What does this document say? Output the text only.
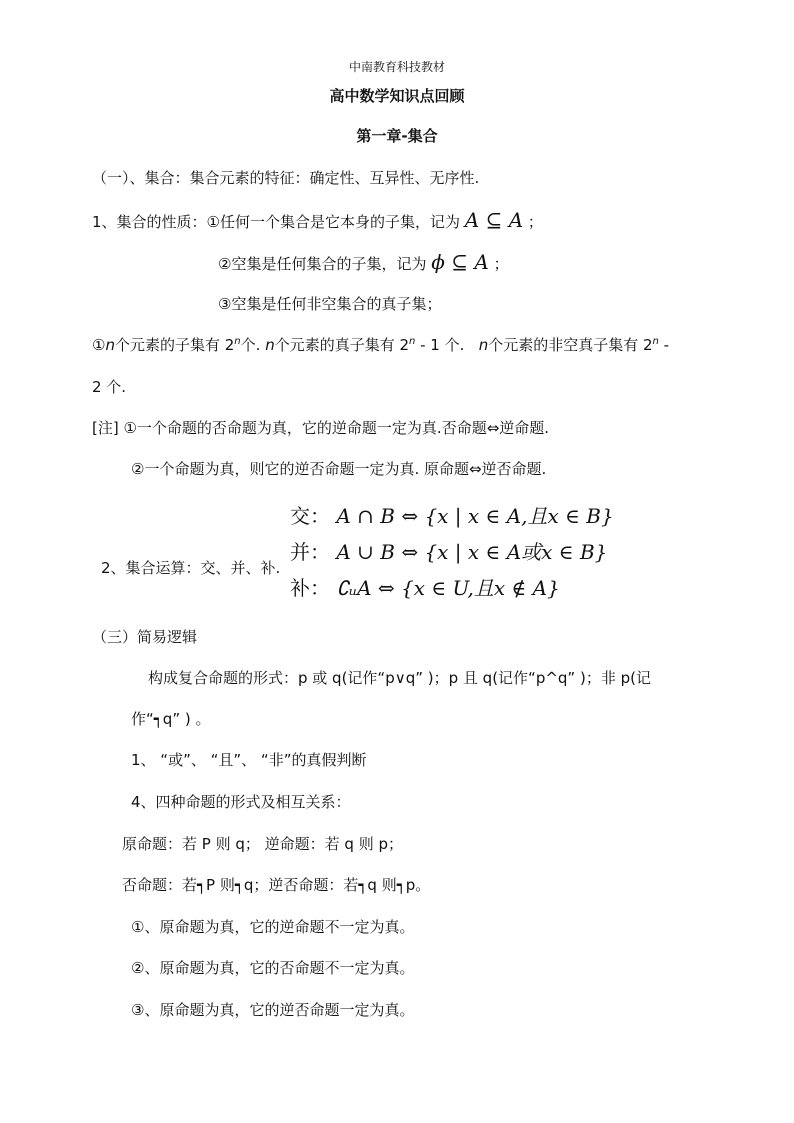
中南教育科技教材
高中数学知识点回顾
第一章-集合
（一）、集合：集合元素的特征：确定性、互异性、无序性.
1、集合的性质：①任何一个集合是它本身的子集，记为 A ⊆ A ；
②空集是任何集合的子集，记为 ϕ ⊆ A ；
③空集是任何非空集合的真子集；
①n个元素的子集有 2$^n$个. n个元素的真子集有 2$^n$ - 1 个. n个元素的非空真子集有 2$^n$ -
2 个.
[注] ①一个命题的否命题为真，它的逆命题一定为真.否命题⇔逆命题.
②一个命题为真，则它的逆否命题一定为真. 原命题⇔逆否命题.
2、集合运算：交、并、补.
交： A ∩ B ⇔ {x | x ∈ A,且x ∈ B}
并： A ∪ B ⇔ {x | x ∈ A或x ∈ B}
补： ∁ᵤA ⇔ {x ∈ U,且x ∉ A}
（三）简易逻辑
构成复合命题的形式：p 或 q(记作“p∨q” )；p 且 q(记作“p^q” )；非 p(记
作“┑q” ) 。
1、 “或”、 “且”、 “非”的真假判断
4、四种命题的形式及相互关系：
原命题：若 P 则 q； 逆命题：若 q 则 p；
否命题：若┑P 则┑q；逆否命题：若┑q 则┑p。
①、原命题为真，它的逆命题不一定为真。
②、原命题为真，它的否命题不一定为真。
③、原命题为真，它的逆否命题一定为真。
